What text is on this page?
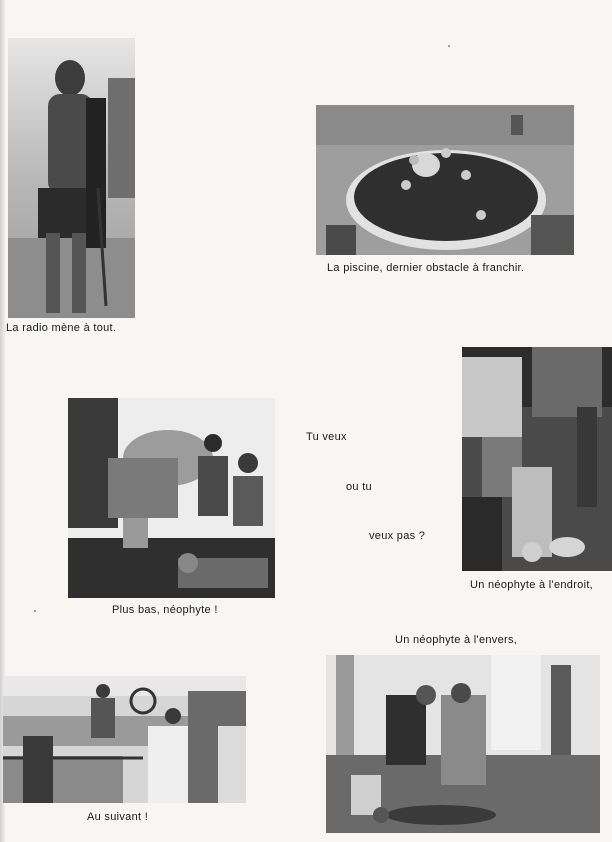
La radio mène à tout.

La piscine, dernier obstacle à franchir.

Plus bas, néophyte !

Tu veux

ou tu

veux pas ?

Un néophyte à l'endroit,

Un néophyte à l'envers,

Au suivant !
